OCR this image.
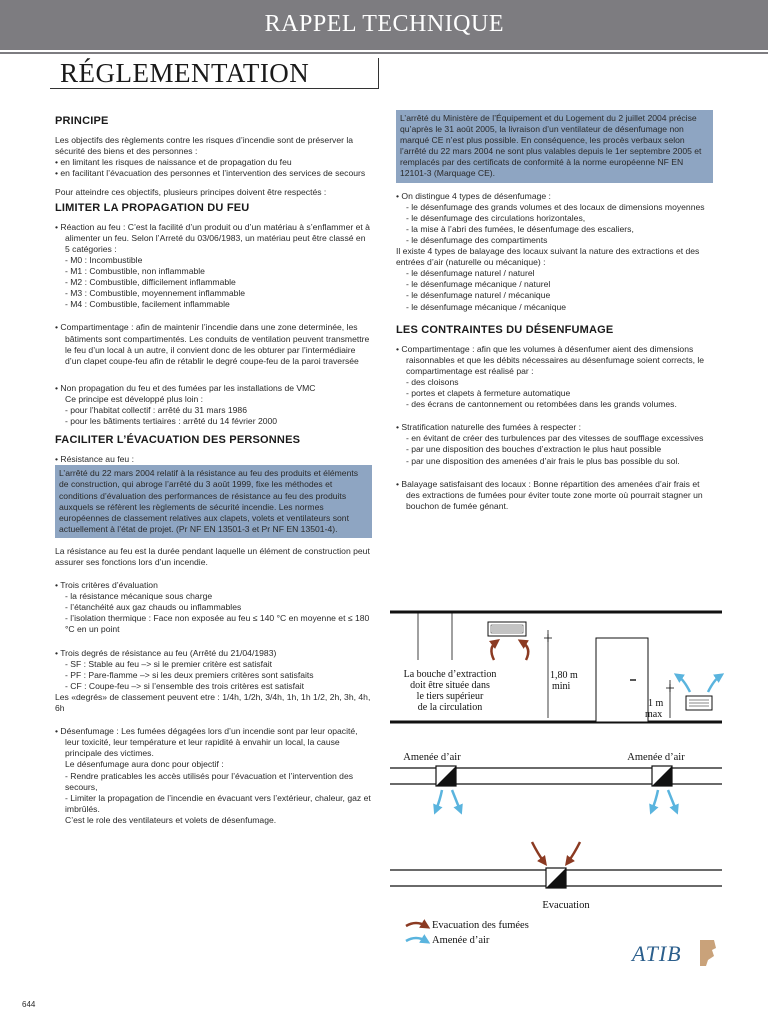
RAPPEL TECHNIQUE
RÉGLEMENTATION

PRINCIPE

Les objectifs des règlements contre les risques d’incendie sont de préserver la sécurité des biens et des personnes :

• en limitant les risques de naissance et de propagation du feu

• en facilitant l’évacuation des personnes et l’intervention des services de secours

Pour atteindre ces objectifs, plusieurs principes doivent être respectés :

LIMITER LA PROPAGATION DU FEU

• Réaction au feu : C’est la facilité d’un produit ou d’un matériau à s’enflammer et à alimenter un feu. Selon l’Arreté du 03/06/1983, un matériau peut être classé en 5 catégories :

- M0 : Incombustible

- M1 : Combustible, non inflammable

- M2 : Combustible, difficilement inflammable

- M3 : Combustible, moyennement inflammable

- M4 : Combustible, facilement inflammable

• Compartimentage : afin de maintenir l’incendie dans une zone determinée, les bâtiments sont compartimentés. Les conduits de ventilation peuvent transmettre le feu d’un local à un autre, il convient donc de les obturer par l’intermédiaire d’un clapet coupe-feu afin de rétablir le degré coupe-feu de la paroi traversée

• Non propagation du feu et des fumées par les installations de VMC

Ce principe est développé plus loin :

- pour l’habitat collectif : arrêté du 31 mars 1986

- pour les bâtiments tertiaires : arrêté du 14 février 2000

FACILITER L’ÉVACUATION DES PERSONNES

• Résistance au feu :

L’arrêté du 22 mars 2004 relatif à la résistance au feu des produits et éléments de construction, qui abroge l’arrêté du 3 août 1999, fixe les méthodes et conditions d’évaluation des performances de résistance au feu des produits auxquels se réfèrent les règlements de sécurité incendie. Les normes européennes de classement relatives aux clapets, volets et ventilateurs sont actuellement à l’état de projet. (Pr NF EN 13501-3 et Pr NF EN 13501-4).

La résistance au feu est la durée pendant laquelle un élément de construction peut assurer ses fonctions lors d’un incendie.

• Trois critères d’évaluation

- la résistance mécanique sous charge

- l’étanchéité aux gaz chauds ou inflammables

- l’isolation thermique : Face non exposée au feu ≤ 140 °C en moyenne et ≤ 180 °C en un point

• Trois degrés de résistance au feu (Arrêté du 21/04/1983)

- SF : Stable au feu –> si le premier critère est satisfait

- PF : Pare-flamme –> si les deux premiers critères sont satisfaits

- CF : Coupe-feu –> si l’ensemble des trois critères est satisfait

Les «degrés» de classement peuvent etre : 1/4h, 1/2h, 3/4h, 1h, 1h 1/2, 2h, 3h, 4h, 6h

• Désenfumage : Les fumées dégagées lors d’un incendie sont par leur opacité, leur toxicité, leur température et leur rapidité à envahir un local, la cause principale des victimes.

Le désenfumage aura donc pour objectif :

- Rendre praticables les accès utilisés pour l’évacuation et l’intervention des secours,

- Limiter la propagation de l’incendie en évacuant vers l’extérieur, chaleur, gaz et imbrûlés.

C’est le role des ventilateurs et volets de désenfumage.

L’arrêté du Ministère de l’Équipement et du Logement du 2 juillet 2004 précise qu’après le 31 août 2005, la livraison d’un ventilateur de désenfumage non marqué CE n’est plus possible. En conséquence, les procès verbaux selon l’arrêté du 22 mars 2004 ne sont plus valables depuis le 1er septembre 2005 et remplacés par des certificats de conformité à la norme européenne NF EN 12101-3 (Marquage CE).

• On distingue 4 types de désenfumage :

- le désenfumage des grands volumes et des locaux de dimensions moyennes

- le désenfumage des circulations horizontales,

- la mise à l’abri des fumées, le désenfumage des escaliers,

- le désenfumage des compartiments

Il existe 4 types de balayage des locaux suivant la nature des extractions et des entrées d’air (naturelle ou mécanique) :

- le désenfumage naturel / naturel

- le désenfumage mécanique / naturel

- le désenfumage naturel / mécanique

- le désenfumage mécanique / mécanique

LES CONTRAINTES DU DÉSENFUMAGE

• Compartimentage : afin que les volumes à désenfumer aient des dimensions raisonnables et que les débits nécessaires au désenfumage soient corrects, le compartimentage est réalisé par :

- des cloisons

- portes et clapets à fermeture automatique

- des écrans de cantonnement ou retombées dans les grands volumes.

• Stratification naturelle des fumées à respecter :

- en évitant de créer des turbulences par des vitesses de soufflage excessives

- par une disposition des bouches d’extraction le plus haut possible

- par une disposition des amenées d’air frais le plus bas possible du sol.

• Balayage satisfaisant des locaux : Bonne répartition des amenées d’air frais et des extractions de fumées pour éviter toute zone morte où pourrait stagner un bouchon de fumée génant.

1,80 m
mini
La bouche d’extraction
doit être située dans
le tiers supérieur
de la circulation	1 m
max
Amenée d’air	Amenée d’air
Evacuation
Evacuation des fumées
Amenée d’air
ATIB
644
